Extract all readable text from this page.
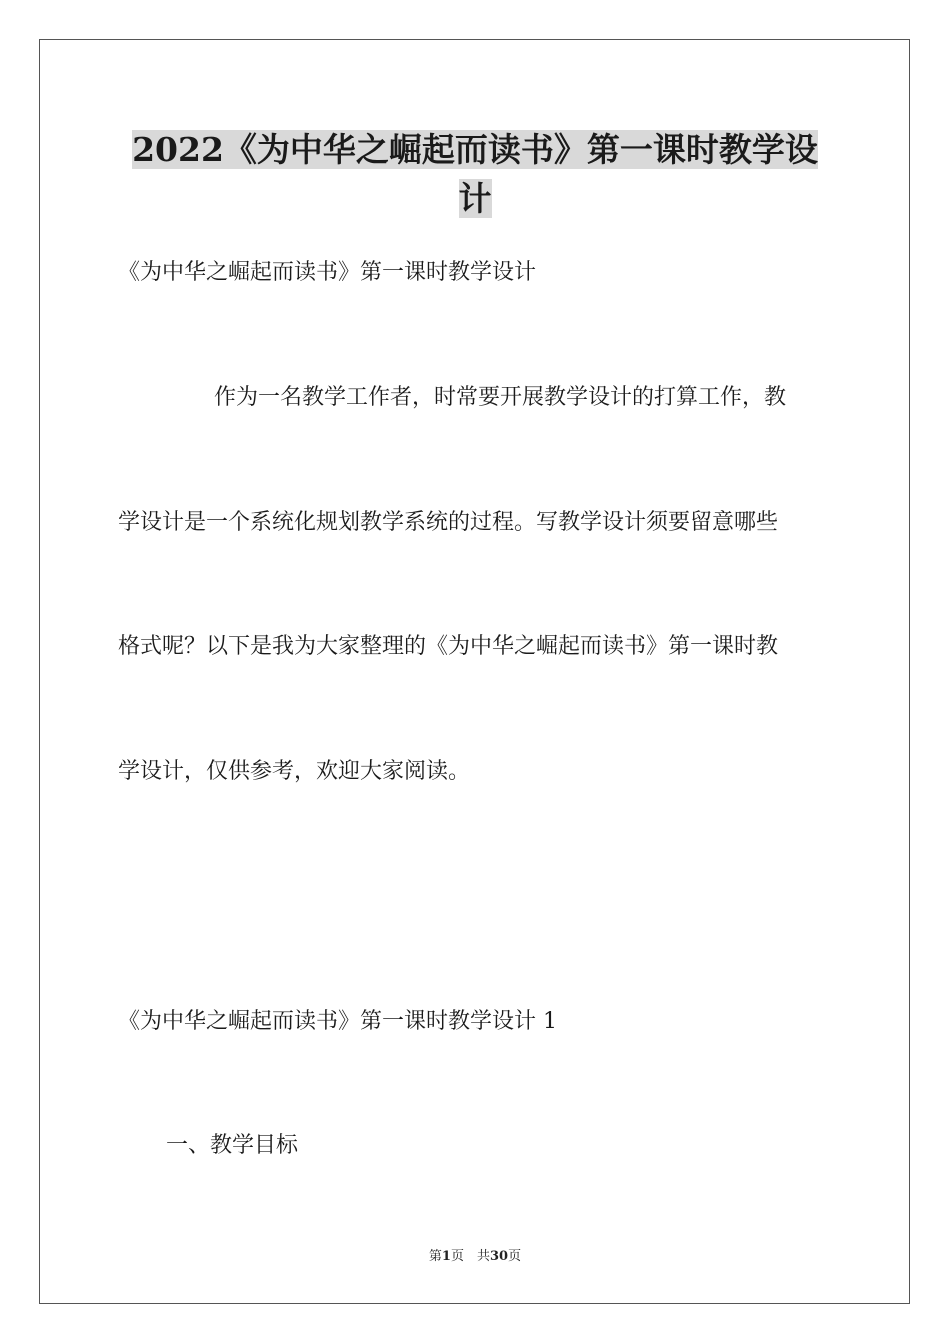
2022《为中华之崛起而读书》第一课时教学设
计
《为中华之崛起而读书》第一课时教学设计
作为一名教学工作者，时常要开展教学设计的打算工作，教
学设计是一个系统化规划教学系统的过程。写教学设计须要留意哪些
格式呢？以下是我为大家整理的《为中华之崛起而读书》第一课时教
学设计，仅供参考，欢迎大家阅读。
《为中华之崛起而读书》第一课时教学设计 1
一、教学目标
第1页　共30页
